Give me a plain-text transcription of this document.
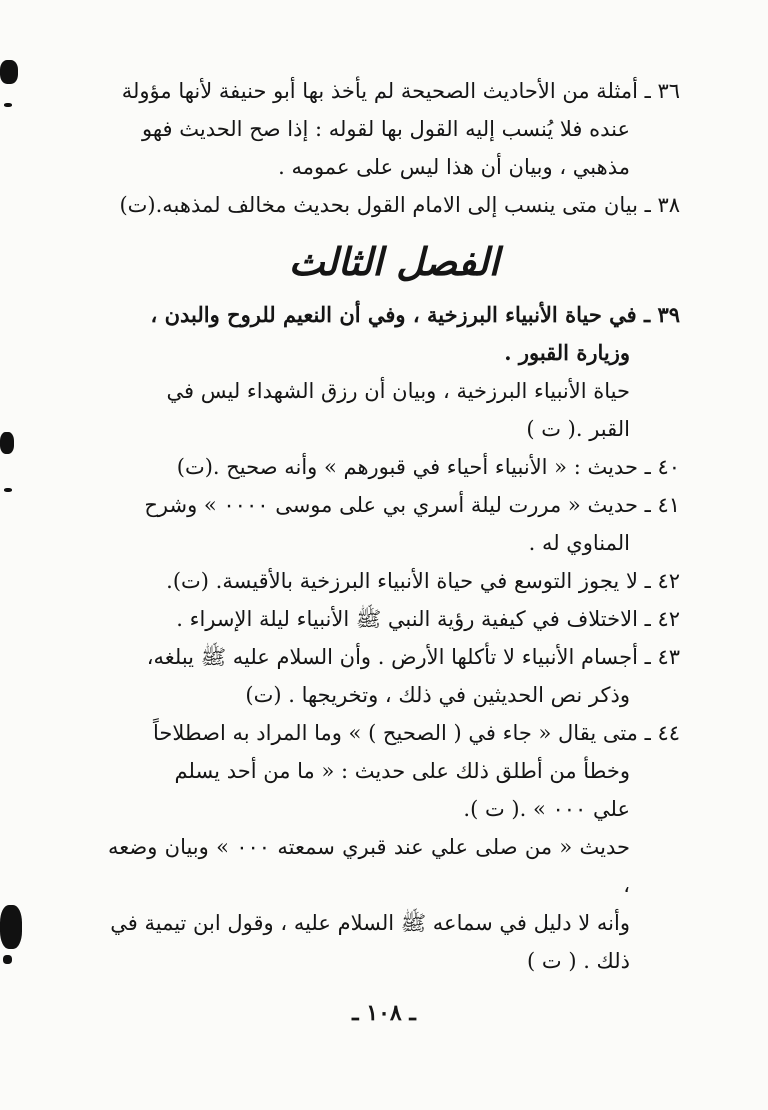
٣٦ ـ أمثلة من الأحاديث الصحيحة لم يأخذ بها أبو حنيفة لأنها مؤولة
عنده فلا يُنسب إليه القول بها لقوله : إذا صح الحديث فهو
مذهبي ، وبيان أن هذا ليس على عمومه .
٣٨ ـ بيان متى ينسب إلى الامام القول بحديث مخالف لمذهبه.(ت)
الفصل الثالث
٣٩ ـ في حياة الأنبياء البرزخية ، وفي أن النعيم للروح والبدن ،
وزيارة القبور .
حياة الأنبياء البرزخية ، وبيان أن رزق الشهداء ليس في
القبر .( ت )
٤٠ ـ حديث : « الأنبياء أحياء في قبورهم » وأنه صحيح .(ت)
٤١ ـ حديث « مررت ليلة أسري بي على موسى ٠٠٠٠ » وشرح
المناوي له .
٤٢ ـ لا يجوز التوسع في حياة الأنبياء البرزخية بالأقيسة. (ت).
٤٢ ـ الاختلاف في كيفية رؤية النبي ﷺ الأنبياء ليلة الإسراء .
٤٣ ـ أجسام الأنبياء لا تأكلها الأرض . وأن السلام عليه ﷺ يبلغه،
وذكر نص الحديثين في ذلك ، وتخريجها . (ت)
٤٤ ـ متى يقال « جاء في ( الصحيح ) » وما المراد به اصطلاحاً
وخطأ من أطلق ذلك على حديث : « ما من أحد يسلم
علي ٠٠٠ » .( ت ).
حديث « من صلى علي عند قبري سمعته ٠٠٠ » وبيان وضعه ،
وأنه لا دليل في سماعه ﷺ السلام عليه ، وقول ابن تيمية في
ذلك . ( ت )
ـ ١٠٨ ـ
